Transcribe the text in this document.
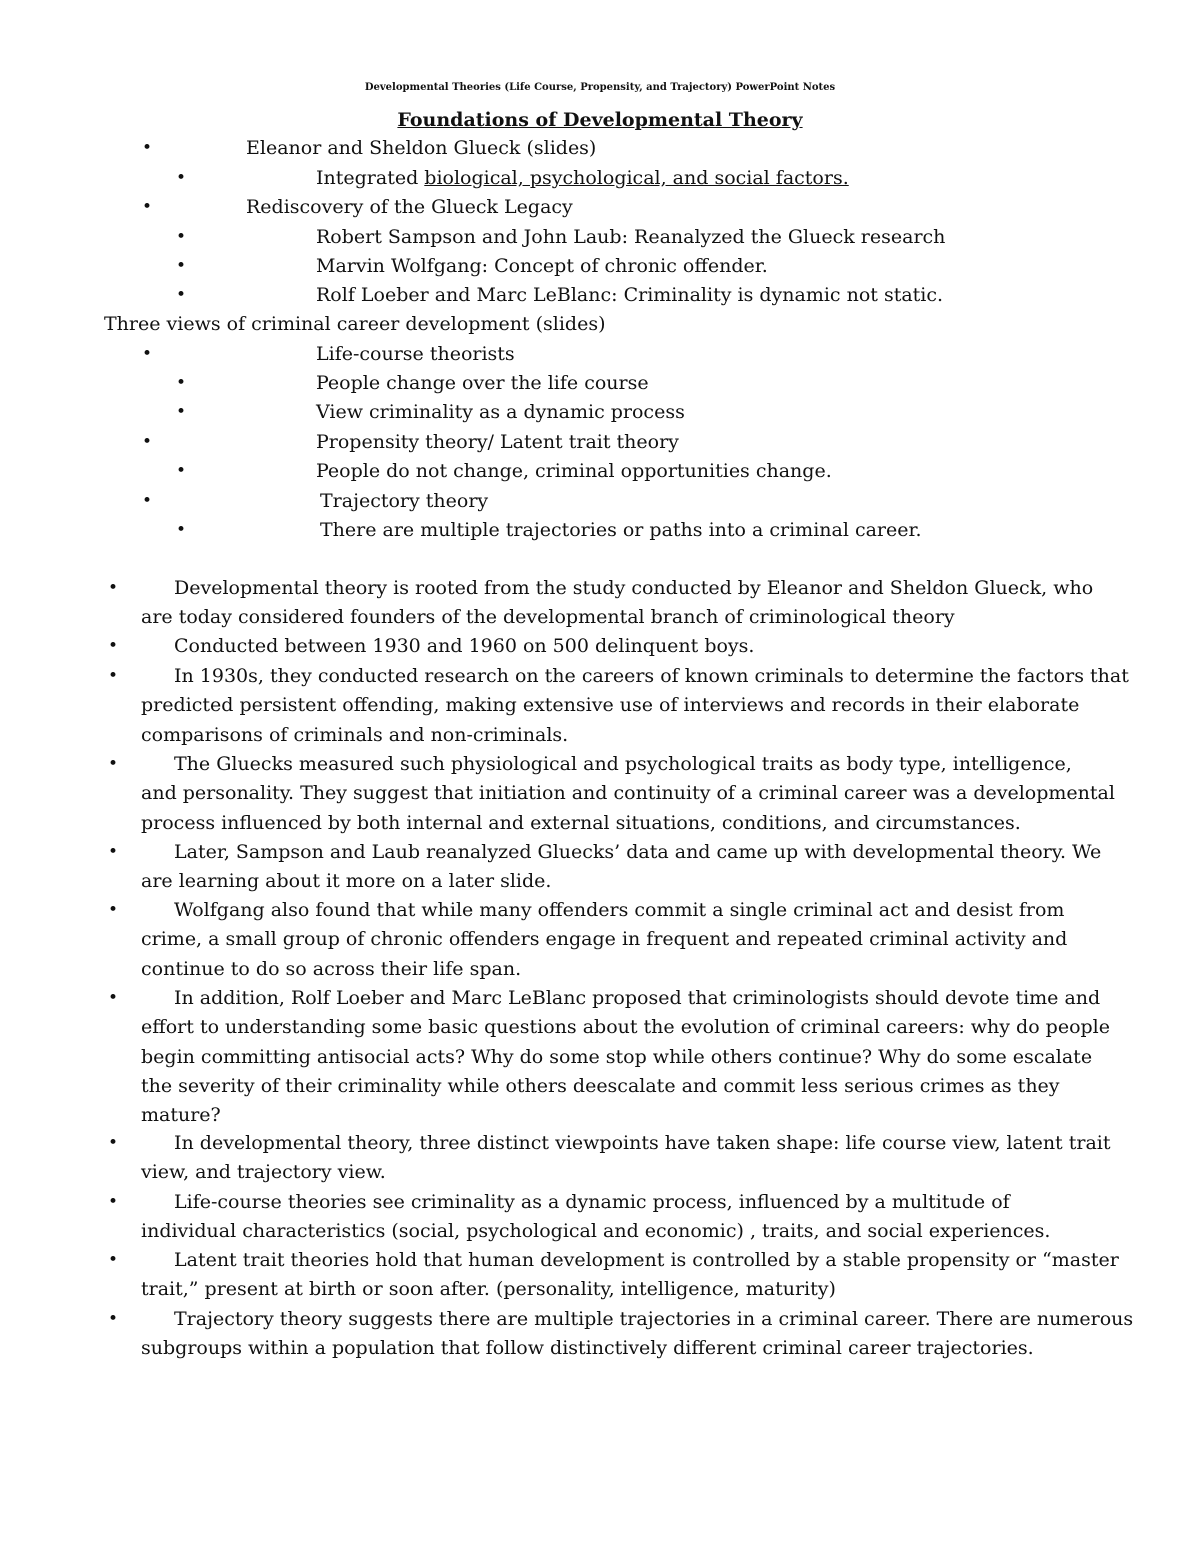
Developmental Theories (Life Course, Propensity, and Trajectory) PowerPoint Notes
Foundations of Developmental Theory
•	Eleanor and Sheldon Glueck (slides)
•	Integrated biological, psychological, and social factors.
•	Rediscovery of the Glueck Legacy
•	Robert Sampson and John Laub: Reanalyzed the Glueck research
•	Marvin Wolfgang: Concept of chronic offender.
•	Rolf Loeber and Marc LeBlanc: Criminality is dynamic not static.
Three views of criminal career development (slides)
•	Life-course theorists
•	People change over the life course
•	View criminality as a dynamic process
•	Propensity theory/ Latent trait theory
•	People do not change, criminal opportunities change.
•	Trajectory theory
•	There are multiple trajectories or paths into a criminal career.
•	Developmental theory is rooted from the study conducted by Eleanor and Sheldon Glueck, who
are today considered founders of the developmental branch of criminological theory
•	Conducted between 1930 and 1960 on 500 delinquent boys.
•	In 1930s, they conducted research on the careers of known criminals to determine the factors that
predicted persistent offending, making extensive use of interviews and records in their elaborate
comparisons of criminals and non-criminals.
•	The Gluecks measured such physiological and psychological traits as body type, intelligence,
and personality. They suggest that initiation and continuity of a criminal career was a developmental
process influenced by both internal and external situations, conditions, and circumstances.
•	Later, Sampson and Laub reanalyzed Gluecks’ data and came up with developmental theory. We
are learning about it more on a later slide.
•	Wolfgang also found that while many offenders commit a single criminal act and desist from
crime, a small group of chronic offenders engage in frequent and repeated criminal activity and
continue to do so across their life span.
•	In addition, Rolf Loeber and Marc LeBlanc proposed that criminologists should devote time and
effort to understanding some basic questions about the evolution of criminal careers: why do people
begin committing antisocial acts? Why do some stop while others continue? Why do some escalate
the severity of their criminality while others deescalate and commit less serious crimes as they
mature?
•	In developmental theory, three distinct viewpoints have taken shape: life course view, latent trait
view, and trajectory view.
•	Life-course theories see criminality as a dynamic process, influenced by a multitude of
individual characteristics (social, psychological and economic) , traits, and social experiences.
•	Latent trait theories hold that human development is controlled by a stable propensity or “master
trait,” present at birth or soon after. (personality, intelligence, maturity)
•	Trajectory theory suggests there are multiple trajectories in a criminal career. There are numerous
subgroups within a population that follow distinctively different criminal career trajectories.
